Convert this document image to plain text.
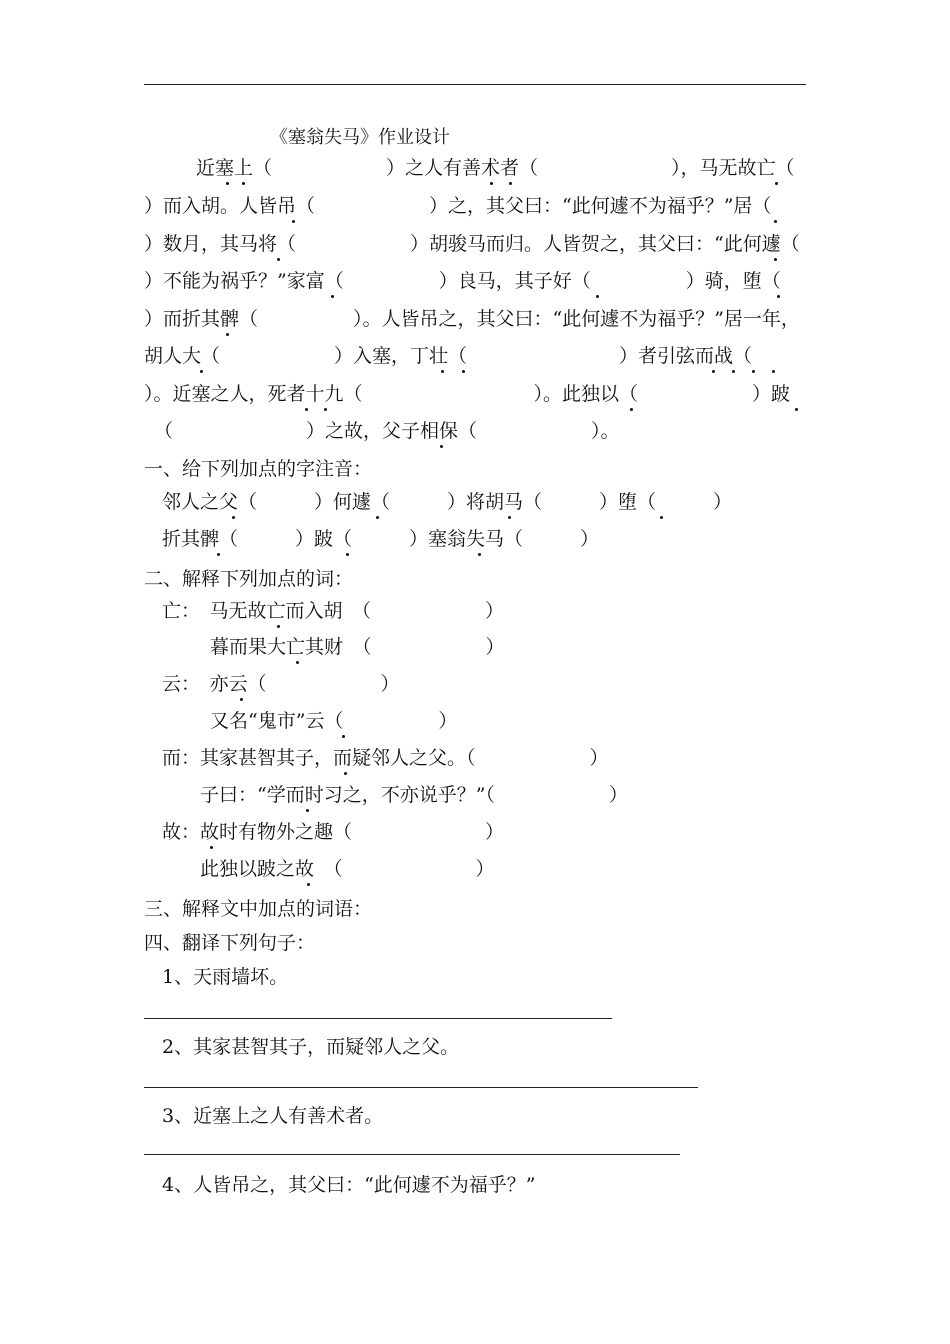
《塞翁失马》作业设计
近塞上（　　　　　　）之人有善术者（　　　　　　　），马无故亡（
）而入胡。人皆吊（　　　　　　）之，其父曰：“此何遽不为福乎？”居（
）数月，其马将（　　　　　　）胡骏马而归。人皆贺之，其父曰：“此何遽（
）不能为祸乎？”家富（　　　　　）良马，其子好（　　　　　）骑，堕（
）而折其髀（　　　　　）。人皆吊之，其父曰：“此何遽不为福乎？”居一年，
胡人大（　　　　　　）入塞，丁壮（　　　　　　　　）者引弦而战（
）。近塞之人，死者十九（　　　　　　　　　）。此独以（　　　　　　）跛
（　　　　　　　）之故，父子相保（　　　　　　）。
一、给下列加点的字注音：
邻人之父（　　　）何遽（　　　）将胡马（　　　）堕（　　　）
折其髀（　　　）跛（　　　）塞翁失马（　　　）
二、解释下列加点的词：
亡：　马无故亡而入胡　（　　　　　　）
暮而果大亡其财　（　　　　　　）
云：　亦云（　　　　　　）
又名“鬼市”云（　　　　　）
而：其家甚智其子，而疑邻人之父。（　　　　　　）
子曰：“学而时习之，不亦说乎？”（　　　　　　）
故：故时有物外之趣（　　　　　　　）
此独以跛之故　（　　　　　　　）
三、解释文中加点的词语：
四、翻译下列句子：
1、天雨墙坏。
2、其家甚智其子，而疑邻人之父。
3、近塞上之人有善术者。
4、人皆吊之，其父曰：“此何遽不为福乎？”
